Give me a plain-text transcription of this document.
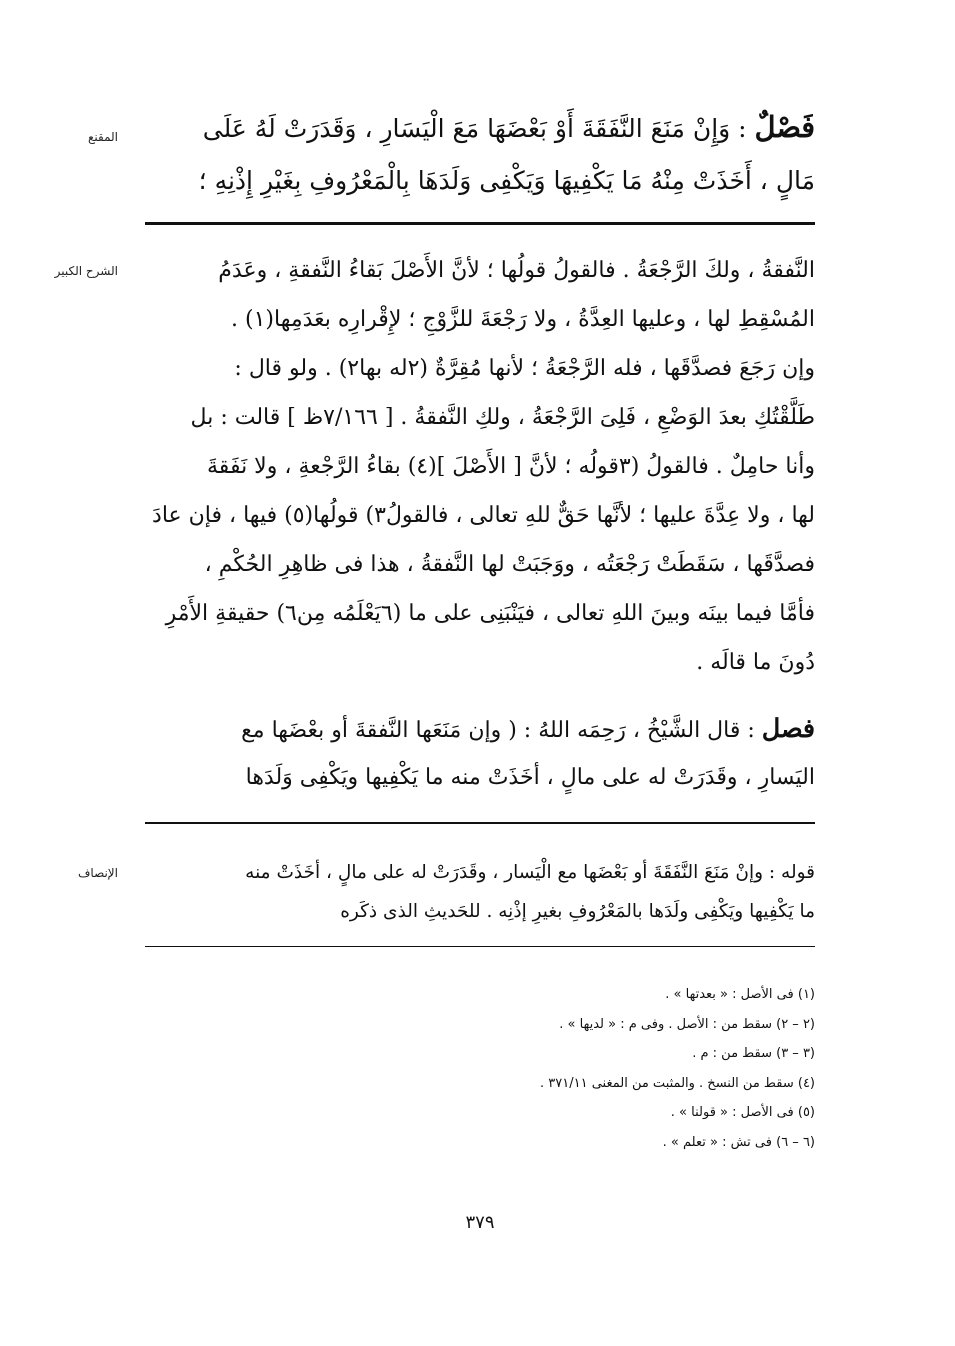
المقنع
الشرح الكبير
الإنصاف
فَصْلٌ : وَإِنْ مَنَعَ النَّفَقَةَ أَوْ بَعْضَهَا مَعَ الْيَسَارِ ، وَقَدَرَتْ لَهُ عَلَى
مَالٍ ، أَخَذَتْ مِنْهُ مَا يَكْفِيهَا وَيَكْفِى وَلَدَهَا بِالْمَعْرُوفِ بِغَيْرِ إِذْنِهِ ؛
النَّفقةُ ، ولكَ الرَّجْعَةُ . فالقولُ قولُها ؛ لأنَّ الأَصْلَ بَقاءُ النَّفقةِ ، وعَدَمُ
المُسْقِطِ لها ، وعليها العِدَّةُ ، ولا رَجْعَةَ للزَّوْجِ ؛ لإِقْرارِه بعَدَمِها(١) .
وإن رَجَعَ فصدَّقَها ، فله الرَّجْعَةُ ؛ لأنها مُقِرَّةٌ (٢له بها٢) . ولو قال :
طَلَّقْتُكِ بعدَ الوَضْعِ ، فَلِىَ الرَّجْعَةُ ، ولكِ النَّفقةُ . [ ٧/١٦٦ظ ] قالت : بل
وأنا حامِلٌ . فالقولُ (٣قولُه ؛ لأنَّ [ الأَصْلَ ](٤) بقاءُ الرَّجْعةِ ، ولا نَفَقةَ
لها ، ولا عِدَّةَ عليها ؛ لأنَّها حَقٌّ للهِ تعالى ، فالقولُ٣) قولُها(٥) فيها ، فإن عادَ
فصدَّقَها ، سَقَطَتْ رَجْعَتُه ، ووَجَبَتْ لها النَّفقةُ ، هذا فى ظاهِرِ الحُكْمِ ،
فأمَّا فيما بينَه وبينَ اللهِ تعالى ، فيَنْبَنِى على ما (٦يَعْلَمُه مِن٦) حقيقةِ الأَمْرِ
دُونَ ما قالَه .
فصل : قال الشَّيْخُ ، رَحِمَه اللهُ : ( وإن مَنَعَها النَّفقةَ أو بعْضَها مع
اليَسارِ ، وقَدَرَتْ له على مالٍ ، أخَذَتْ منه ما يَكْفِيها ويَكْفِى وَلَدَها
قوله : وإنْ مَنَعَ النَّفَقَةَ أو بَعْضَها مع الْيَسار ، وقَدَرَتْ له على مالٍ ، أخَذَتْ منه
ما يَكْفِيها ويَكْفِى ولَدَها بالمَعْرُوفِ بغيرِ إذْنِه . للحَديثِ الذى ذكَره
(١) فى الأصل : « بعدتها » .
(٢ – ٢) سقط من : الأصل . وفى م : « لديها » .
(٣ – ٣) سقط من : م .
(٤) سقط من النسخ . والمثبت من المغنى ٣٧١/١١ .
(٥) فى الأصل : « قولنا » .
(٦ – ٦) فى تش : « تعلم » .
٣٧٩
